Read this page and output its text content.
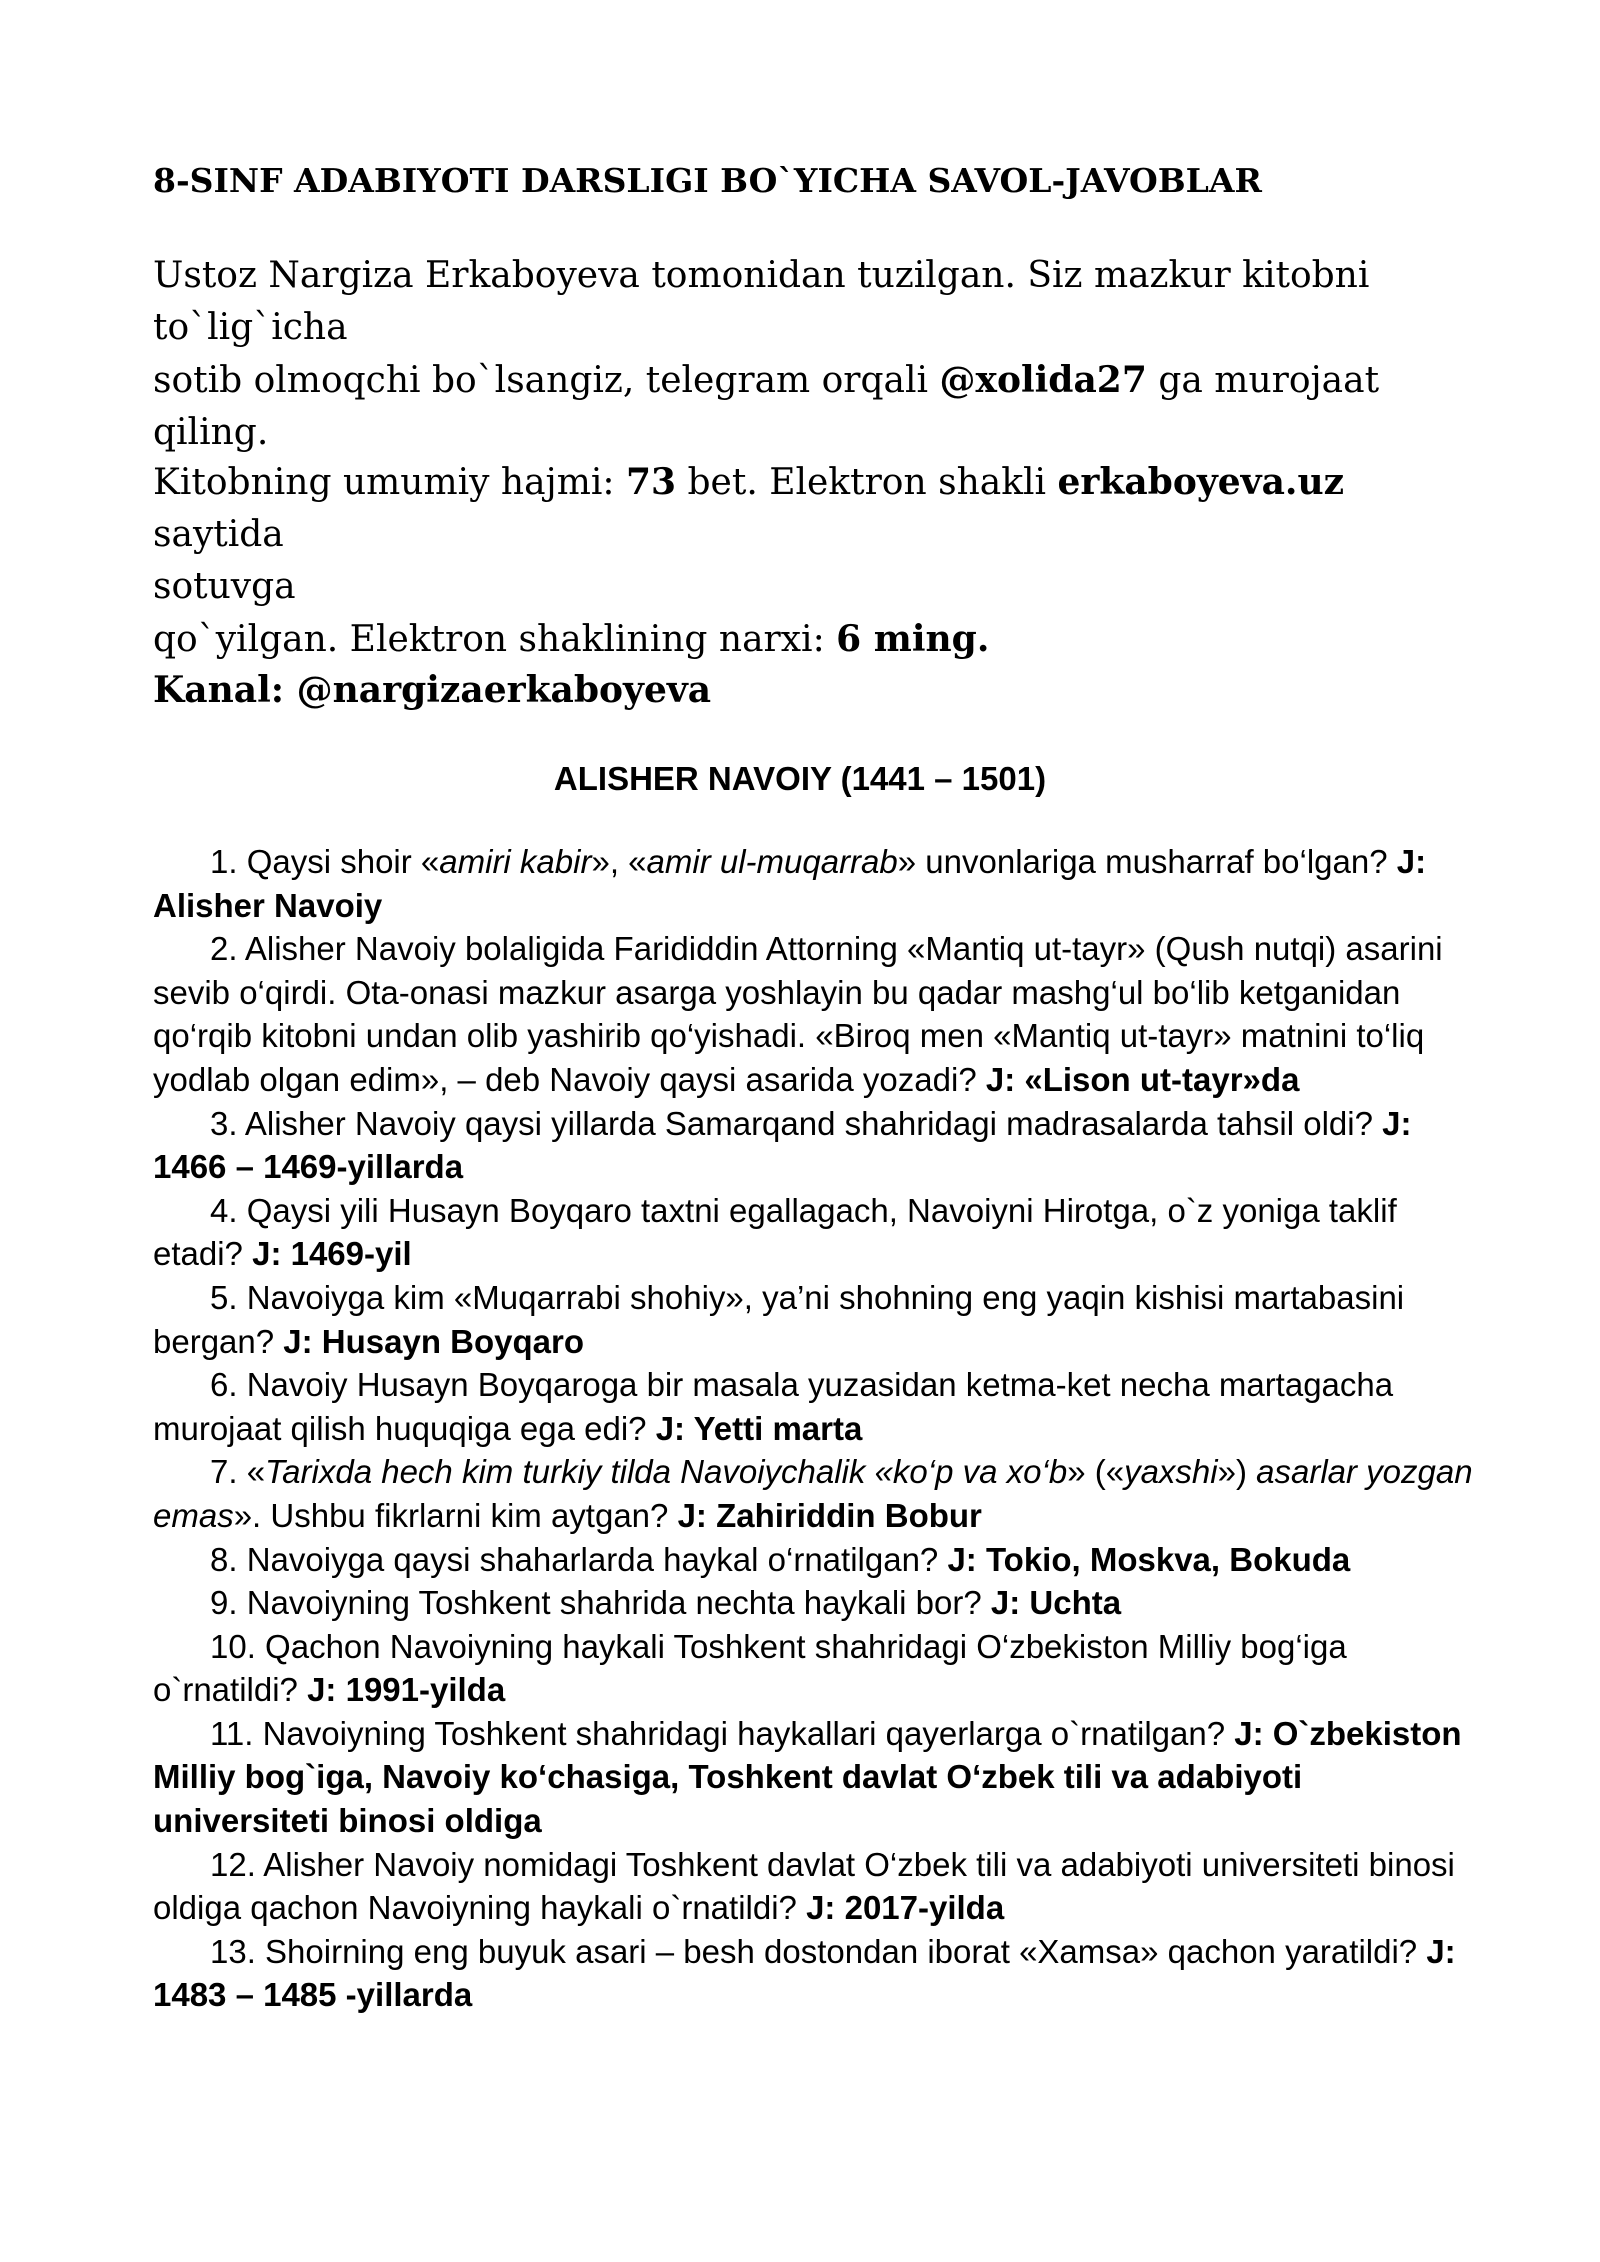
8-SINF ADABIYOTI DARSLIGI BO`YICHA SAVOL-JAVOBLAR

Ustoz Nargiza Erkaboyeva tomonidan tuzilgan. Siz mazkur kitobni

to`lig`icha

sotib olmoqchi bo`lsangiz, telegram orqali @xolida27 ga murojaat qiling.

Kitobning umumiy hajmi: 73 bet. Elektron shakli erkaboyeva.uz saytida

sotuvga

qo`yilgan. Elektron shaklining narxi: 6 ming.

Kanal: @nargizaerkaboyeva

ALISHER NAVOIY (1441 – 1501)
1. Qaysi shoir «amiri kabir», «amir ul-muqarrab» unvonlariga musharraf bo‘lgan? J: Alisher Navoiy
2. Alisher Navoiy bolaligida Farididdin Attorning «Mantiq ut-tayr» (Qush nutqi) asarini sevib o‘qirdi. Ota-onasi mazkur asarga yoshlayin bu qadar mashg‘ul bo‘lib ketganidan qo‘rqib kitobni undan olib yashirib qo‘yishadi. «Biroq men «Mantiq ut-tayr» matnini to‘liq yodlab olgan edim», – deb Navoiy qaysi asarida yozadi? J: «Lison ut-tayr»da
3. Alisher Navoiy qaysi yillarda Samarqand shahridagi madrasalarda tahsil oldi? J: 1466 – 1469-yillarda
4. Qaysi yili Husayn Boyqaro taxtni egallagach, Navoiyni Hirotga, o`z yoniga taklif etadi? J: 1469-yil
5. Navoiyga kim «Muqarrabi shohiy», ya’ni shohning eng yaqin kishisi martabasini bergan? J: Husayn Boyqaro
6. Navoiy Husayn Boyqaroga bir masala yuzasidan ketma-ket necha martagacha murojaat qilish huquqiga ega edi? J: Yetti marta
7. «Tarixda hech kim turkiy tilda Navoiychalik «ko‘p va xo‘b» («yaxshi») asarlar yozgan emas». Ushbu fikrlarni kim aytgan? J: Zahiriddin Bobur
8. Navoiyga qaysi shaharlarda haykal o‘rnatilgan? J: Tokio, Moskva, Bokuda
9. Navoiyning Toshkent shahrida nechta haykali bor? J: Uchta
10. Qachon Navoiyning haykali Toshkent shahridagi O‘zbekiston Milliy bog‘iga o`rnatildi? J: 1991-yilda
11. Navoiyning Toshkent shahridagi haykallari qayerlarga o`rnatilgan? J: O`zbekiston Milliy bog`iga, Navoiy ko‘chasiga, Toshkent davlat O‘zbek tili va adabiyoti universiteti binosi oldiga
12. Alisher Navoiy nomidagi Toshkent davlat O‘zbek tili va adabiyoti universiteti binosi oldiga qachon Navoiyning haykali o`rnatildi? J: 2017-yilda
13. Shoirning eng buyuk asari – besh dostondan iborat «Xamsa» qachon yaratildi? J: 1483 – 1485 -yillarda
